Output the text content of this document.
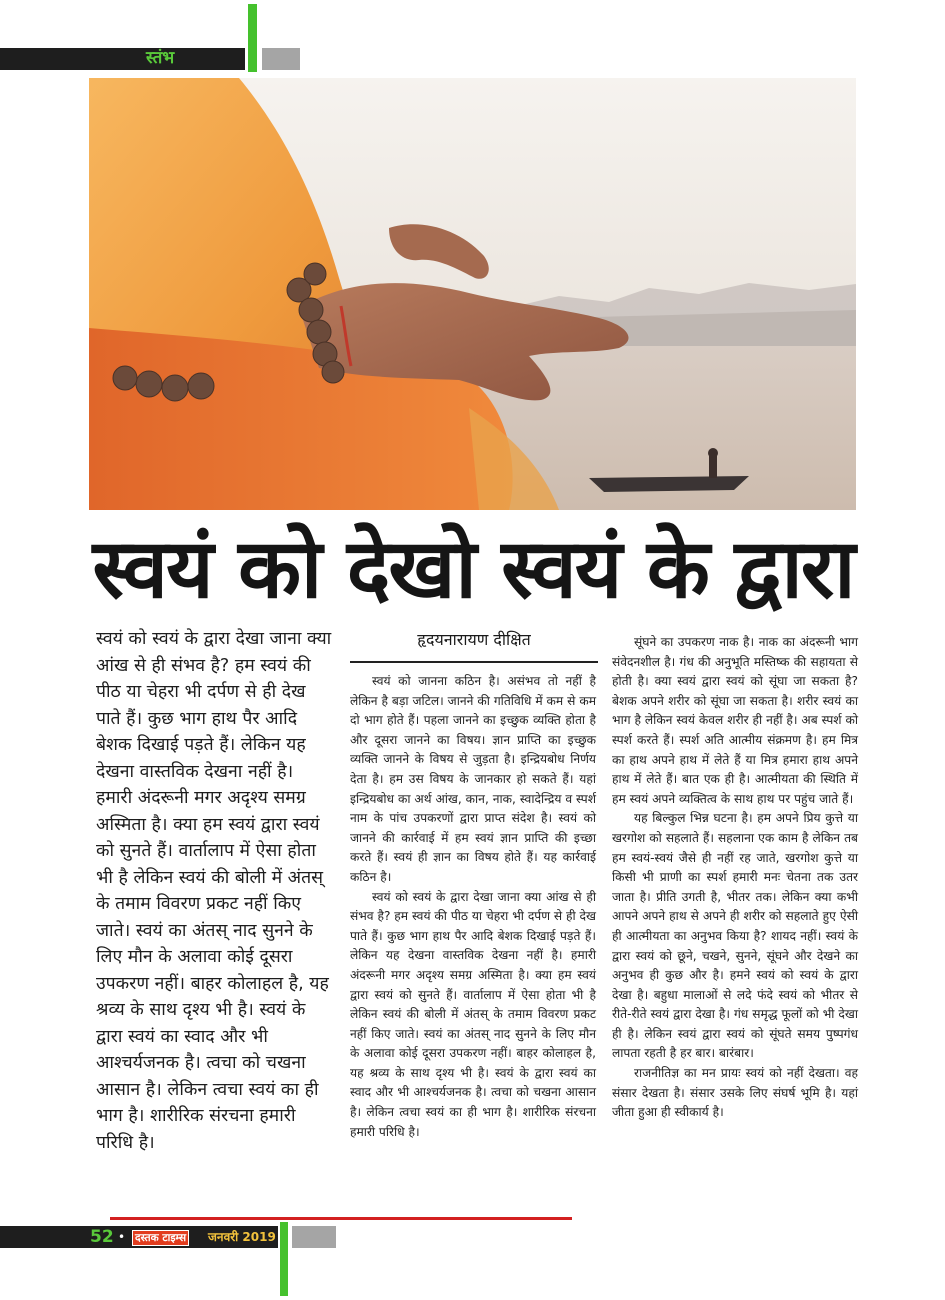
स्तंभ
स्वयं को देखो स्वयं के द्वारा

स्वयं को स्वयं के द्वारा देखा जाना क्या आंख से ही संभव है? हम स्वयं की पीठ या चेहरा भी दर्पण से ही देख पाते हैं। कुछ भाग हाथ पैर आदि बेशक दिखाई पड़ते हैं। लेकिन यह देखना वास्तविक देखना नहीं है। हमारी अंदरूनी मगर अदृश्य समग्र अस्मिता है। क्या हम स्वयं द्वारा स्वयं को सुनते हैं। वार्तालाप में ऐसा होता भी है लेकिन स्वयं की बोली में अंतस् के तमाम विवरण प्रकट नहीं किए जाते। स्वयं का अंतस् नाद सुनने के लिए मौन के अलावा कोई दूसरा उपकरण नहीं। बाहर कोलाहल है, यह श्रव्य के साथ दृश्य भी है। स्वयं के द्वारा स्वयं का स्वाद और भी आश्चर्यजनक है। त्वचा को चखना आसान है। लेकिन त्वचा स्वयं का ही भाग है। शारीरिक संरचना हमारी परिधि है।

हृदयनारायण दीक्षित

स्वयं को जानना कठिन है। असंभव तो नहीं है लेकिन है बड़ा जटिल। जानने की गतिविधि में कम से कम दो भाग होते हैं। पहला जानने का इच्छुक व्यक्ति होता है और दूसरा जानने का विषय। ज्ञान प्राप्ति का इच्छुक व्यक्ति जानने के विषय से जुड़ता है। इन्द्रियबोध निर्णय देता है। हम उस विषय के जानकार हो सकते हैं। यहां इन्द्रियबोध का अर्थ आंख, कान, नाक, स्वादेन्द्रिय व स्पर्श नाम के पांच उपकरणों द्वारा प्राप्त संदेश है। स्वयं को जानने की कार्रवाई में हम स्वयं ज्ञान प्राप्ति की इच्छा करते हैं। स्वयं ही ज्ञान का विषय होते हैं। यह कार्रवाई कठिन है।

स्वयं को स्वयं के द्वारा देखा जाना क्या आंख से ही संभव है? हम स्वयं की पीठ या चेहरा भी दर्पण से ही देख पाते हैं। कुछ भाग हाथ पैर आदि बेशक दिखाई पड़ते हैं। लेकिन यह देखना वास्तविक देखना नहीं है। हमारी अंदरूनी मगर अदृश्य समग्र अस्मिता है। क्या हम स्वयं द्वारा स्वयं को सुनते हैं। वार्तालाप में ऐसा होता भी है लेकिन स्वयं की बोली में अंतस् के तमाम विवरण प्रकट नहीं किए जाते। स्वयं का अंतस् नाद सुनने के लिए मौन के अलावा कोई दूसरा उपकरण नहीं। बाहर कोलाहल है, यह श्रव्य के साथ दृश्य भी है। स्वयं के द्वारा स्वयं का स्वाद और भी आश्चर्यजनक है। त्वचा को चखना आसान है। लेकिन त्वचा स्वयं का ही भाग है। शारीरिक संरचना हमारी परिधि है।

सूंघने का उपकरण नाक है। नाक का अंदरूनी भाग संवेदनशील है। गंध की अनुभूति मस्तिष्क की सहायता से होती है। क्या स्वयं द्वारा स्वयं को सूंघा जा सकता है? बेशक अपने शरीर को सूंघा जा सकता है। शरीर स्वयं का भाग है लेकिन स्वयं केवल शरीर ही नहीं है। अब स्पर्श को स्पर्श करते हैं। स्पर्श अति आत्मीय संक्रमण है। हम मित्र का हाथ अपने हाथ में लेते हैं या मित्र हमारा हाथ अपने हाथ में लेते हैं। बात एक ही है। आत्मीयता की स्थिति में हम स्वयं अपने व्यक्तित्व के साथ हाथ पर पहुंच जाते हैं।

यह बिल्कुल भिन्न घटना है। हम अपने प्रिय कुत्ते या खरगोश को सहलाते हैं। सहलाना एक काम है लेकिन तब हम स्वयं-स्वयं जैसे ही नहीं रह जाते, खरगोश कुत्ते या किसी भी प्राणी का स्पर्श हमारी मनः चेतना तक उतर जाता है। प्रीति उगती है, भीतर तक। लेकिन क्या कभी आपने अपने हाथ से अपने ही शरीर को सहलाते हुए ऐसी ही आत्मीयता का अनुभव किया है? शायद नहीं। स्वयं के द्वारा स्वयं को छूने, चखने, सुनने, सूंघने और देखने का अनुभव ही कुछ और है। हमने स्वयं को स्वयं के द्वारा देखा है। बहुधा मालाओं से लदे फंदे स्वयं को भीतर से रीते-रीते स्वयं द्वारा देखा है। गंध समृद्ध फूलों को भी देखा ही है। लेकिन स्वयं द्वारा स्वयं को सूंघते समय पुष्पगंध लापता रहती है हर बार। बारंबार।

राजनीतिज्ञ का मन प्रायः स्वयं को नहीं देखता। वह संसार देखता है। संसार उसके लिए संघर्ष भूमि है। यहां जीता हुआ ही स्वीकार्य है।

52 • दस्तक टाइम्स जनवरी 2019
